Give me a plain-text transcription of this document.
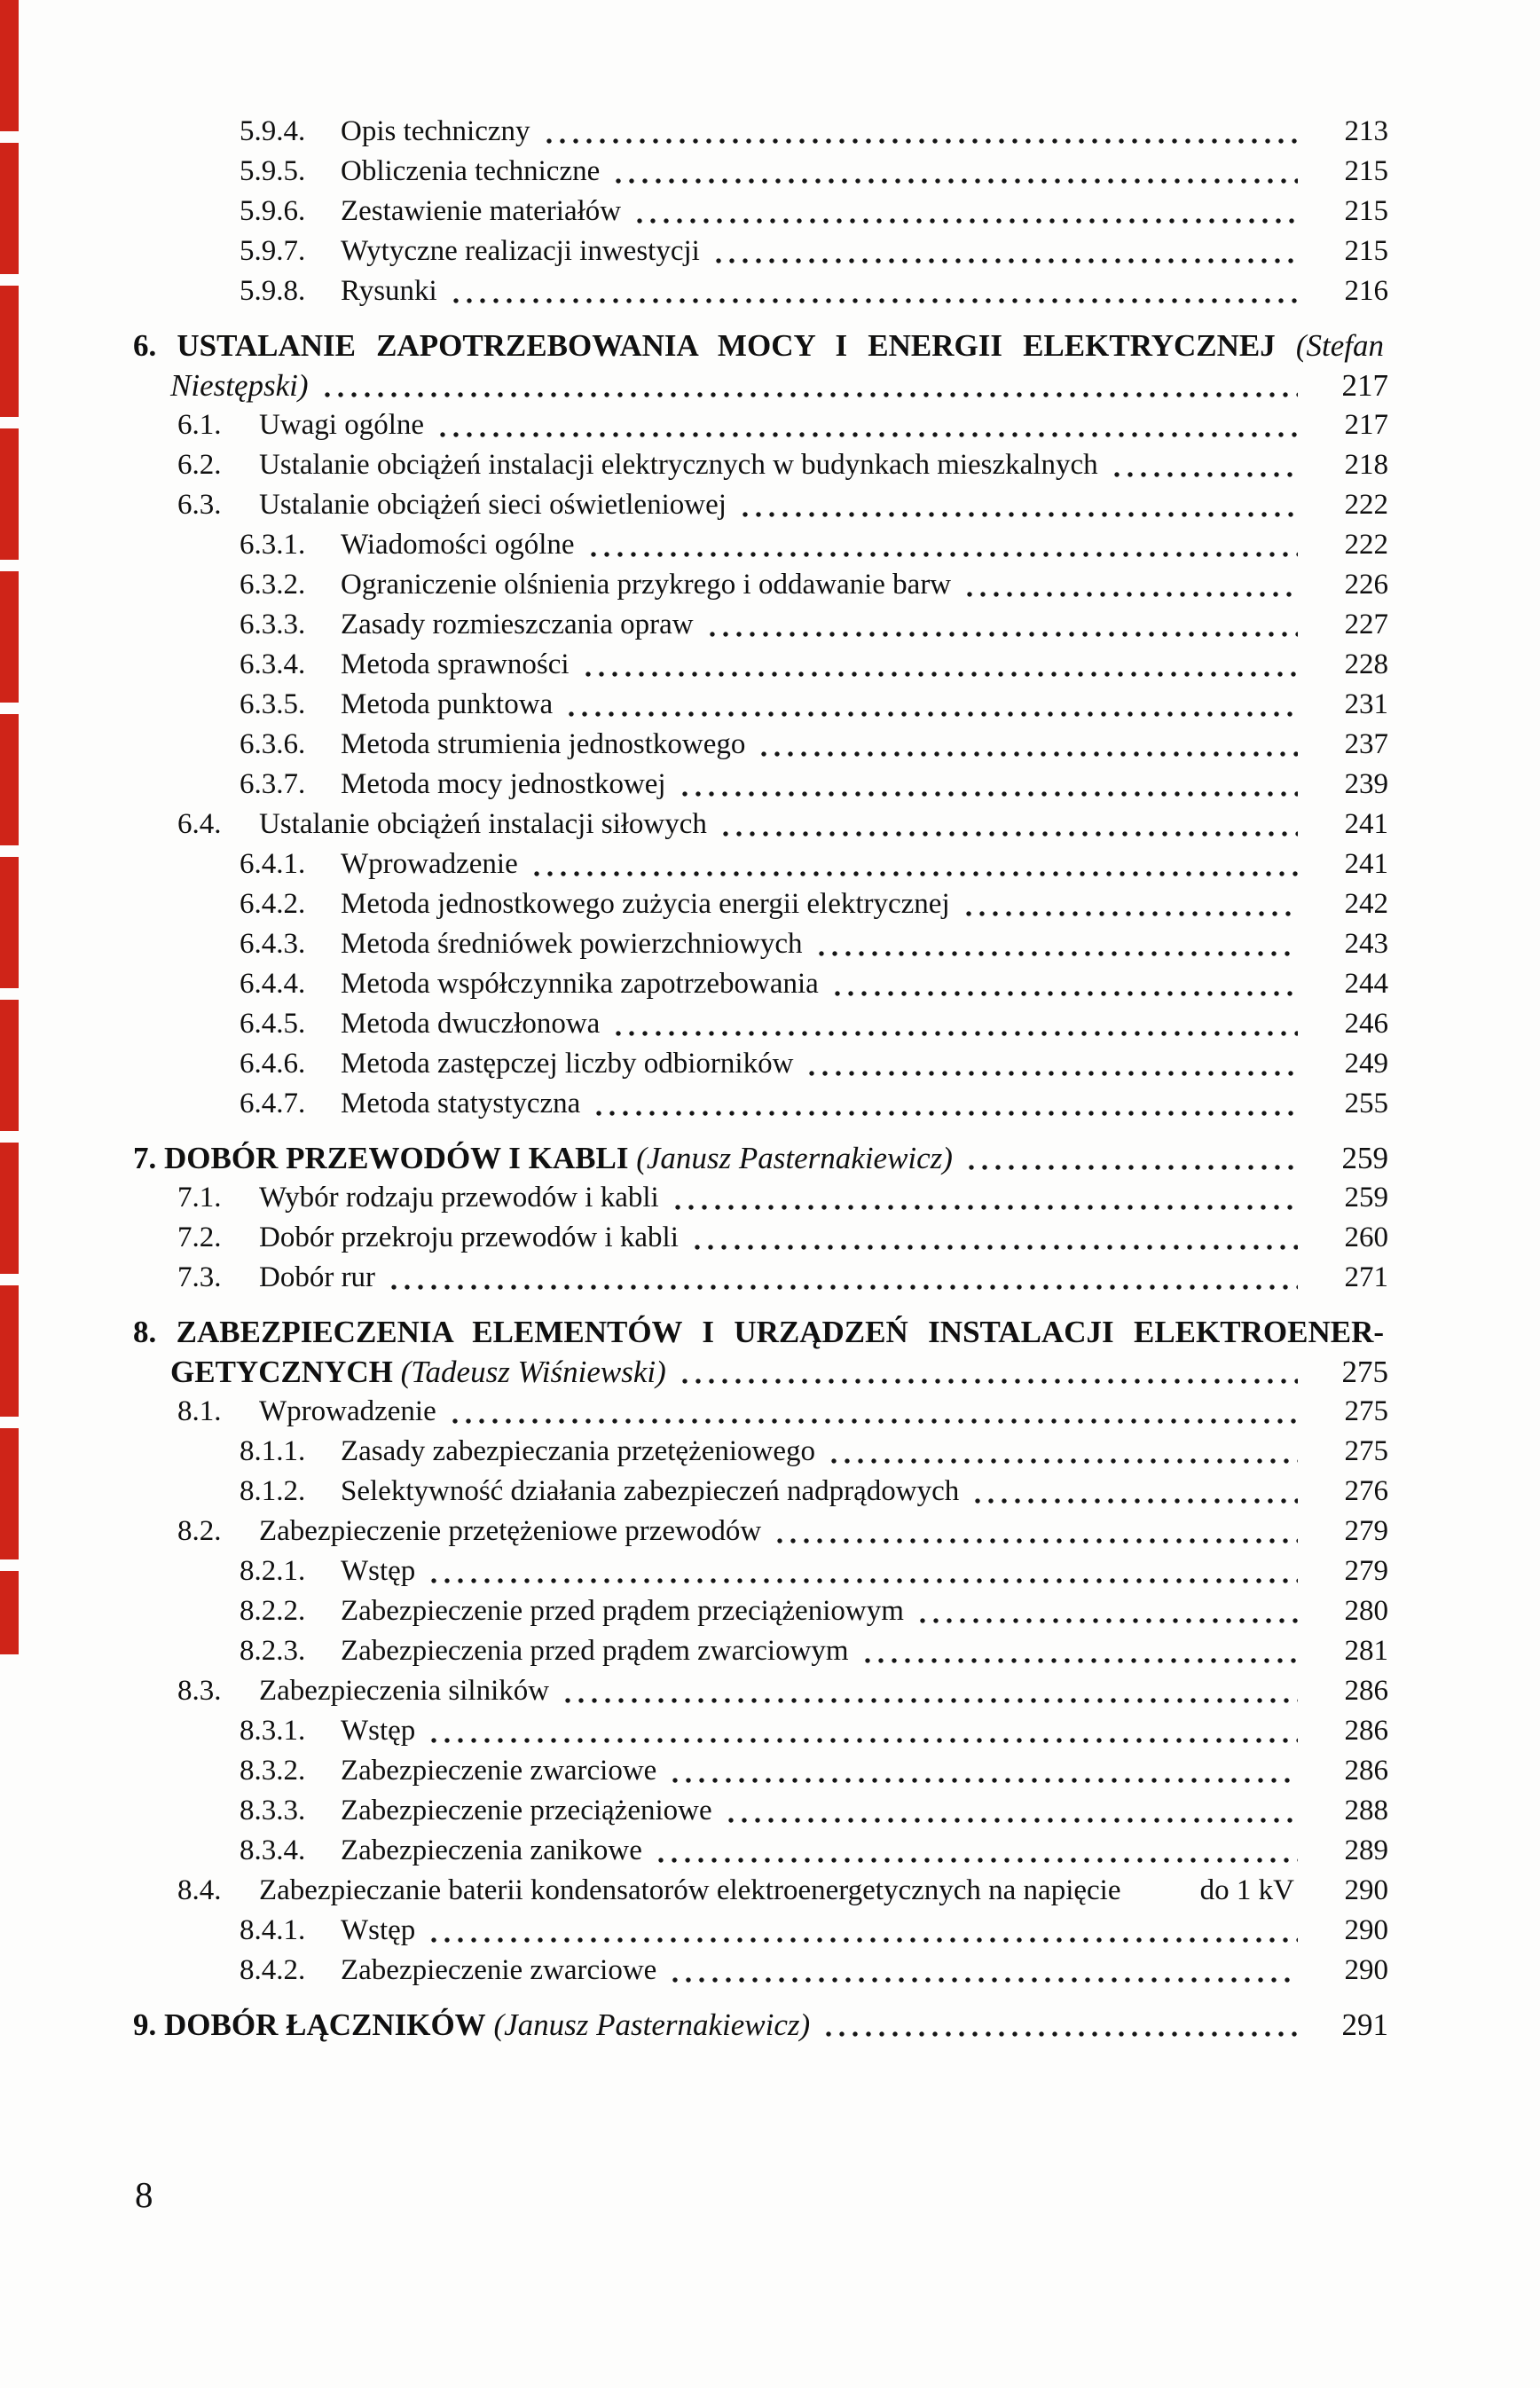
5.9.4.	Opis techniczny	213
5.9.5.	Obliczenia techniczne	215
5.9.6.	Zestawienie materiałów	215
5.9.7.	Wytyczne realizacji inwestycji	215
5.9.8.	Rysunki	216
6. USTALANIE ZAPOTRZEBOWANIA MOCY I ENERGII ELEKTRYCZNEJ (Stefan
Niestępski)	217
6.1.	Uwagi ogólne	217
6.2.	Ustalanie obciążeń instalacji elektrycznych w budynkach mieszkalnych	218
6.3.	Ustalanie obciążeń sieci oświetleniowej	222
6.3.1.	Wiadomości ogólne	222
6.3.2.	Ograniczenie olśnienia przykrego i oddawanie barw	226
6.3.3.	Zasady rozmieszczania opraw	227
6.3.4.	Metoda sprawności	228
6.3.5.	Metoda punktowa	231
6.3.6.	Metoda strumienia jednostkowego	237
6.3.7.	Metoda mocy jednostkowej	239
6.4.	Ustalanie obciążeń instalacji siłowych	241
6.4.1.	Wprowadzenie	241
6.4.2.	Metoda jednostkowego zużycia energii elektrycznej	242
6.4.3.	Metoda średniówek powierzchniowych	243
6.4.4.	Metoda współczynnika zapotrzebowania	244
6.4.5.	Metoda dwuczłonowa	246
6.4.6.	Metoda zastępczej liczby odbiorników	249
6.4.7.	Metoda statystyczna	255
7. DOBÓR PRZEWODÓW I KABLI
(Janusz Pasternakiewicz)	259
7.1.	Wybór rodzaju przewodów i kabli	259
7.2.	Dobór przekroju przewodów i kabli	260
7.3.	Dobór rur	271
8. ZABEZPIECZENIA ELEMENTÓW I URZĄDZEŃ INSTALACJI ELEKTROENER-
GETYCZNYCH
(Tadeusz Wiśniewski)	275
8.1.	Wprowadzenie	275
8.1.1.	Zasady zabezpieczania przetężeniowego	275
8.1.2.	Selektywność działania zabezpieczeń nadprądowych	276
8.2.	Zabezpieczenie przetężeniowe przewodów	279
8.2.1.	Wstęp	279
8.2.2.	Zabezpieczenie przed prądem przeciążeniowym	280
8.2.3.	Zabezpieczenia przed prądem zwarciowym	281
8.3.	Zabezpieczenia silników	286
8.3.1.	Wstęp	286
8.3.2.	Zabezpieczenie zwarciowe	286
8.3.3.	Zabezpieczenie przeciążeniowe	288
8.3.4.	Zabezpieczenia zanikowe	289
8.4.	Zabezpieczanie baterii kondensatorów elektroenergetycznych na napięcie	do 1 kV	290
8.4.1.	Wstęp	290
8.4.2.	Zabezpieczenie zwarciowe	290
9. DOBÓR ŁĄCZNIKÓW
(Janusz Pasternakiewicz)	291
8
